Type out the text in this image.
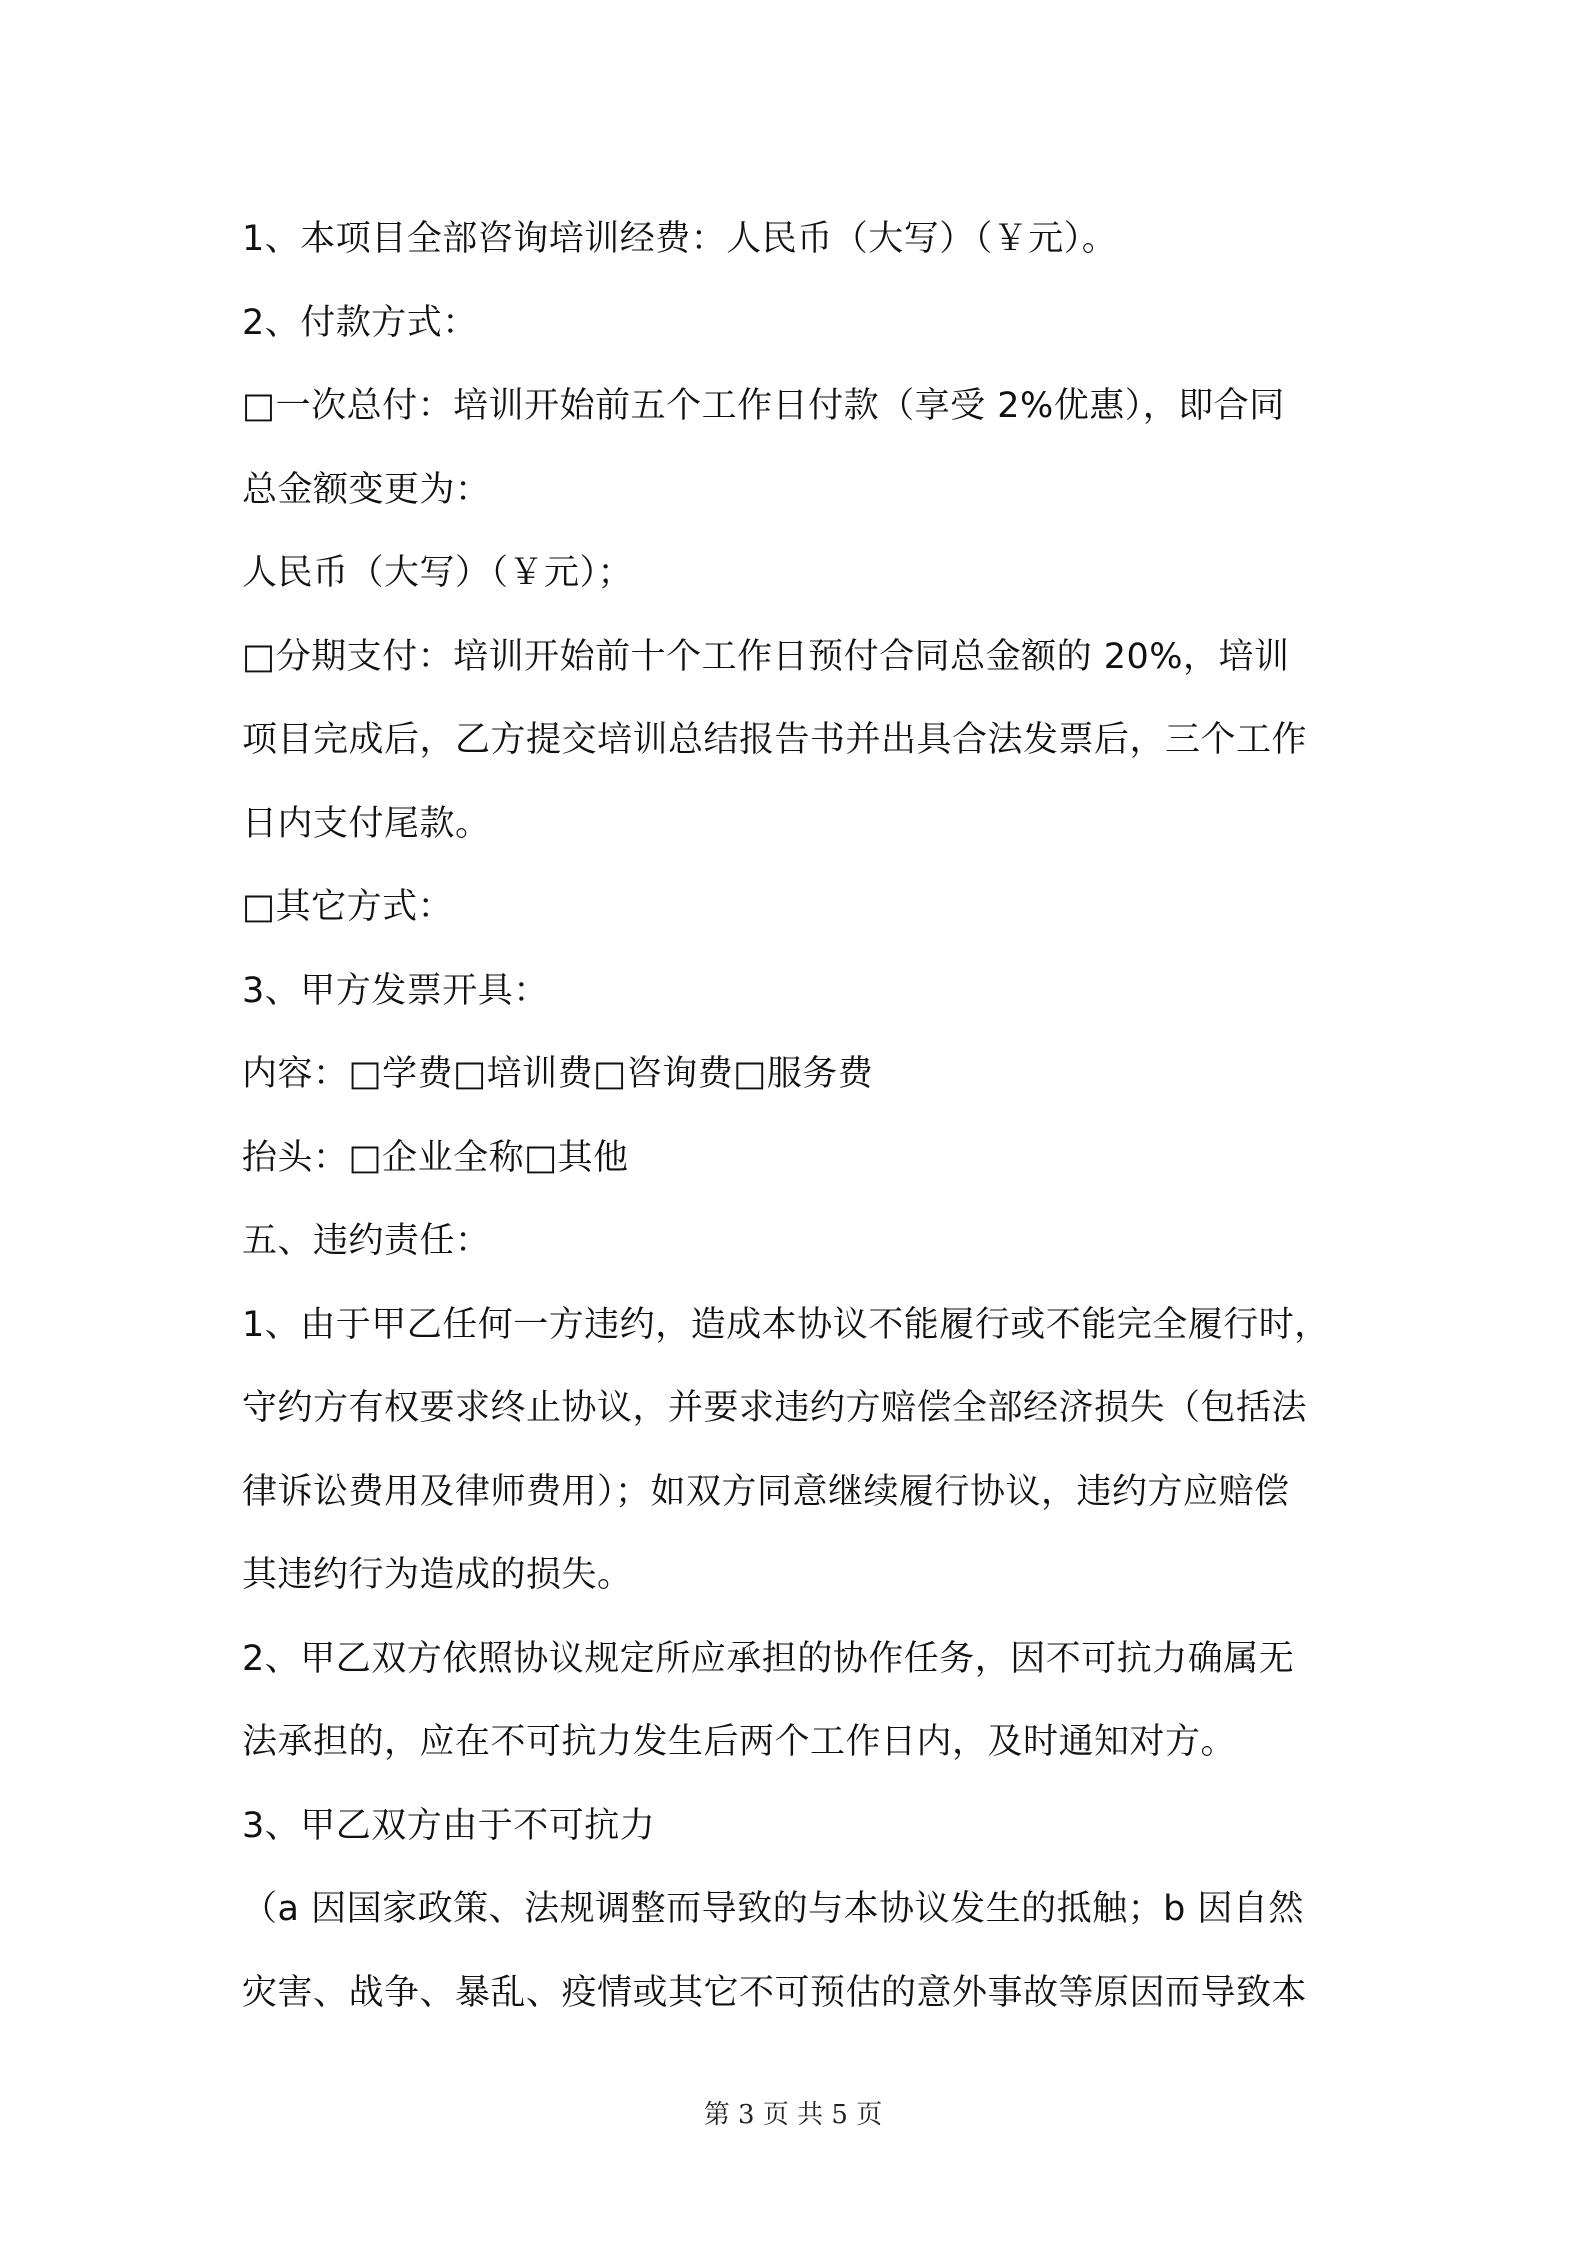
1、本项目全部咨询培训经费：人民币（大写）（￥元）。
2、付款方式：
□一次总付：培训开始前五个工作日付款（享受 2%优惠），即合同
总金额变更为：
人民币（大写）（￥元）；
□分期支付：培训开始前十个工作日预付合同总金额的 20%，培训
项目完成后，乙方提交培训总结报告书并出具合法发票后，三个工作
日内支付尾款。
□其它方式：
3、甲方发票开具：
内容：□学费□培训费□咨询费□服务费
抬头：□企业全称□其他
五、违约责任：
1、由于甲乙任何一方违约，造成本协议不能履行或不能完全履行时，
守约方有权要求终止协议，并要求违约方赔偿全部经济损失（包括法
律诉讼费用及律师费用）；如双方同意继续履行协议，违约方应赔偿
其违约行为造成的损失。
2、甲乙双方依照协议规定所应承担的协作任务，因不可抗力确属无
法承担的，应在不可抗力发生后两个工作日内，及时通知对方。
3、甲乙双方由于不可抗力
（a 因国家政策、法规调整而导致的与本协议发生的抵触；b 因自然
灾害、战争、暴乱、疫情或其它不可预估的意外事故等原因而导致本
第 3 页 共 5 页
